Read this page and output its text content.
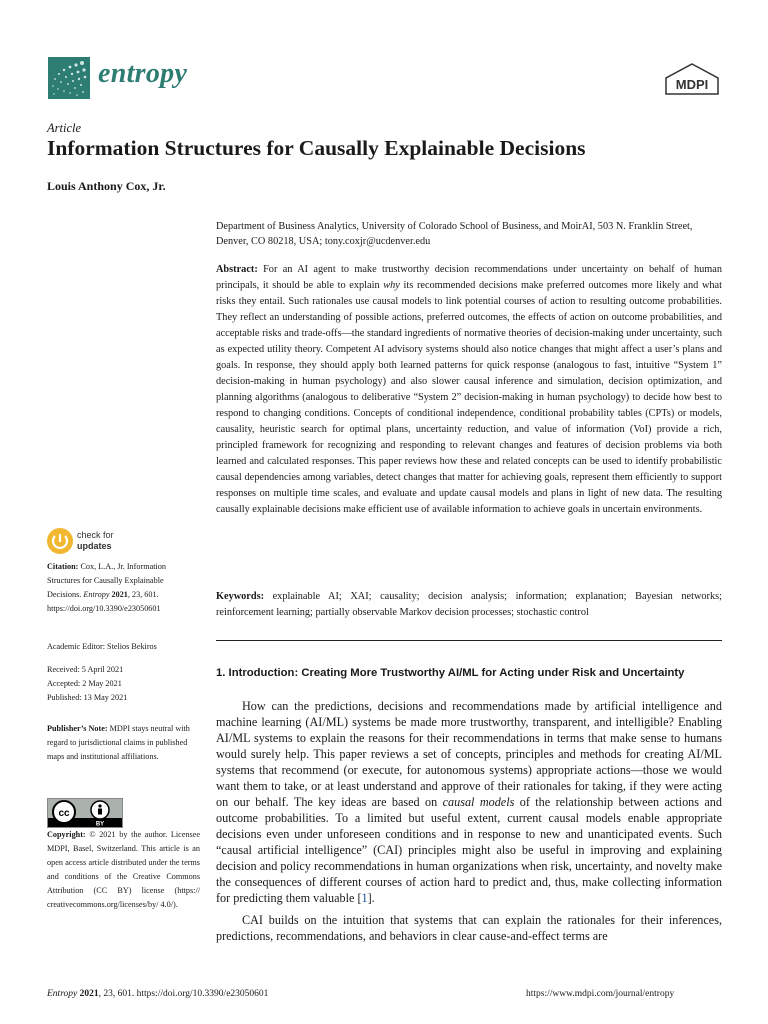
entropy	MDPI
Article
Information Structures for Causally Explainable Decisions
Louis Anthony Cox, Jr.
Department of Business Analytics, University of Colorado School of Business, and MoirAI, 503 N. Franklin Street,
Denver, CO 80218, USA; tony.coxjr@ucdenver.edu
Abstract: For an AI agent to make trustworthy decision recommendations under uncertainty on behalf of human principals, it should be able to explain why its recommended decisions make preferred outcomes more likely and what risks they entail. Such rationales use causal models to link potential courses of action to resulting outcome probabilities. They reflect an understanding of possible actions, preferred outcomes, the effects of action on outcome probabilities, and acceptable risks and trade-offs—the standard ingredients of normative theories of decision-making under uncertainty, such as expected utility theory. Competent AI advisory systems should also notice changes that might affect a user’s plans and goals. In response, they should apply both learned patterns for quick response (analogous to fast, intuitive “System 1” decision-making in human psychology) and also slower causal inference and simulation, decision optimization, and planning algorithms (analogous to deliberative “System 2” decision-making in human psychology) to decide how best to respond to changing conditions. Concepts of conditional independence, conditional probability tables (CPTs) or models, causality, heuristic search for optimal plans, uncertainty reduction, and value of information (VoI) provide a rich, principled framework for recognizing and responding to relevant changes and features of decision problems via both learned and calculated responses. This paper reviews how these and related concepts can be used to identify probabilistic causal dependencies among variables, detect changes that matter for achieving goals, represent them efficiently to support responses on multiple time scales, and evaluate and update causal models and plans in light of new data. The resulting causally explainable decisions make efficient use of available information to achieve goals in uncertain environments.
Keywords: explainable AI; XAI; causality; decision analysis; information; explanation; Bayesian networks; reinforcement learning; partially observable Markov decision processes; stochastic control
1. Introduction: Creating More Trustworthy AI/ML for Acting under Risk and Uncertainty
How can the predictions, decisions and recommendations made by artificial intelligence and machine learning (AI/ML) systems be made more trustworthy, transparent, and intelligible? Enabling AI/ML systems to explain the reasons for their recommendations in terms that make sense to humans would surely help. This paper reviews a set of concepts, principles and methods for creating AI/ML systems that recommend (or execute, for autonomous systems) appropriate actions—those we would want them to take, or at least understand and approve of their rationales for taking, if they were acting on our behalf. The key ideas are based on causal models of the relationship between actions and outcome probabilities. To a limited but useful extent, current causal models enable appropriate decisions even under unforeseen conditions and in response to new and unanticipated events. Such “causal artificial intelligence” (CAI) principles might also be useful in improving and explaining decision and policy recommendations in human organizations when risk, uncertainty, and novelty make the consequences of different courses of action hard to predict and, thus, make collecting information for predicting them valuable [1].
CAI builds on the intuition that systems that can explain the rationales for their inferences, predictions, recommendations, and behaviors in clear cause-and-effect terms are
check for
updates
Citation: Cox, L.A., Jr. Information Structures for Causally Explainable Decisions. Entropy 2021, 23, 601. https://doi.org/10.3390/e23050601
Academic Editor: Stelios Bekiros
Received: 5 April 2021
Accepted: 2 May 2021
Published: 13 May 2021
Publisher’s Note: MDPI stays neutral with regard to jurisdictional claims in published maps and institutional affiliations.
cc
BY
Copyright: © 2021 by the author. Licensee MDPI, Basel, Switzerland. This article is an open access article distributed under the terms and conditions of the Creative Commons Attribution (CC BY) license (https:// creativecommons.org/licenses/by/ 4.0/).
Entropy 2021, 23, 601. https://doi.org/10.3390/e23050601	https://www.mdpi.com/journal/entropy
